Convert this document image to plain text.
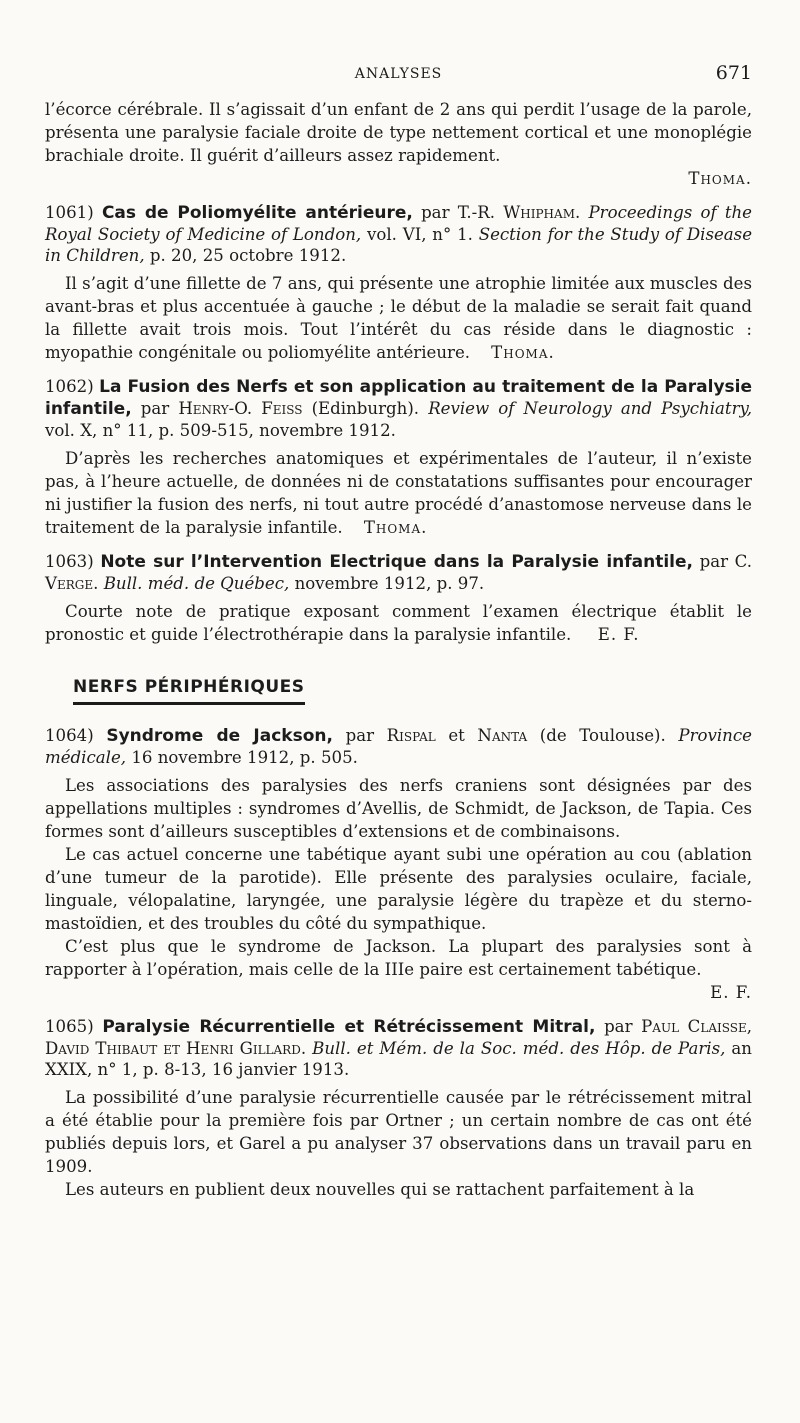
ANALYSES	671

l’écorce cérébrale. Il s’agissait d’un enfant de 2 ans qui perdit l’usage de la parole, présenta une paralysie faciale droite de type nettement cortical et une monoplégie brachiale droite. Il guérit d’ailleurs assez rapidement.

Thoma.

1061) Cas de Poliomyélite antérieure, par T.-R. Whipham. Proceedings of the Royal Society of Medicine of London, vol. VI, n° 1. Section for the Study of Disease in Children, p. 20, 25 octobre 1912.

Il s’agit d’une fillette de 7 ans, qui présente une atrophie limitée aux muscles des avant-bras et plus accentuée à gauche ; le début de la maladie se serait fait quand la fillette avait trois mois. Tout l’intérêt du cas réside dans le diagnostic : myopathie congénitale ou poliomyélite antérieure. Thoma.

1062) La Fusion des Nerfs et son application au traitement de la Paralysie infantile, par Henry-O. Feiss (Edinburgh). Review of Neurology and Psychiatry, vol. X, n° 11, p. 509-515, novembre 1912.

D’après les recherches anatomiques et expérimentales de l’auteur, il n’existe pas, à l’heure actuelle, de données ni de constatations suffisantes pour encourager ni justifier la fusion des nerfs, ni tout autre procédé d’anastomose nerveuse dans le traitement de la paralysie infantile. Thoma.

1063) Note sur l’Intervention Electrique dans la Paralysie infantile, par C. Verge. Bull. méd. de Québec, novembre 1912, p. 97.

Courte note de pratique exposant comment l’examen électrique établit le pronostic et guide l’électrothérapie dans la paralysie infantile. E. F.

NERFS PÉRIPHÉRIQUES

1064) Syndrome de Jackson, par Rispal et Nanta (de Toulouse). Province médicale, 16 novembre 1912, p. 505.

Les associations des paralysies des nerfs craniens sont désignées par des appellations multiples : syndromes d’Avellis, de Schmidt, de Jackson, de Tapia. Ces formes sont d’ailleurs susceptibles d’extensions et de combinaisons.

Le cas actuel concerne une tabétique ayant subi une opération au cou (ablation d’une tumeur de la parotide). Elle présente des paralysies oculaire, faciale, linguale, vélopalatine, laryngée, une paralysie légère du trapèze et du sterno-mastoïdien, et des troubles du côté du sympathique.

C’est plus que le syndrome de Jackson. La plupart des paralysies sont à rapporter à l’opération, mais celle de la IIIe paire est certainement tabétique.

E. F.

1065) Paralysie Récurrentielle et Rétrécissement Mitral, par Paul Claisse, David Thibaut et Henri Gillard. Bull. et Mém. de la Soc. méd. des Hôp. de Paris, an XXIX, n° 1, p. 8-13, 16 janvier 1913.

La possibilité d’une paralysie récurrentielle causée par le rétrécissement mitral a été établie pour la première fois par Ortner ; un certain nombre de cas ont été publiés depuis lors, et Garel a pu analyser 37 observations dans un travail paru en 1909.

Les auteurs en publient deux nouvelles qui se rattachent parfaitement à la
